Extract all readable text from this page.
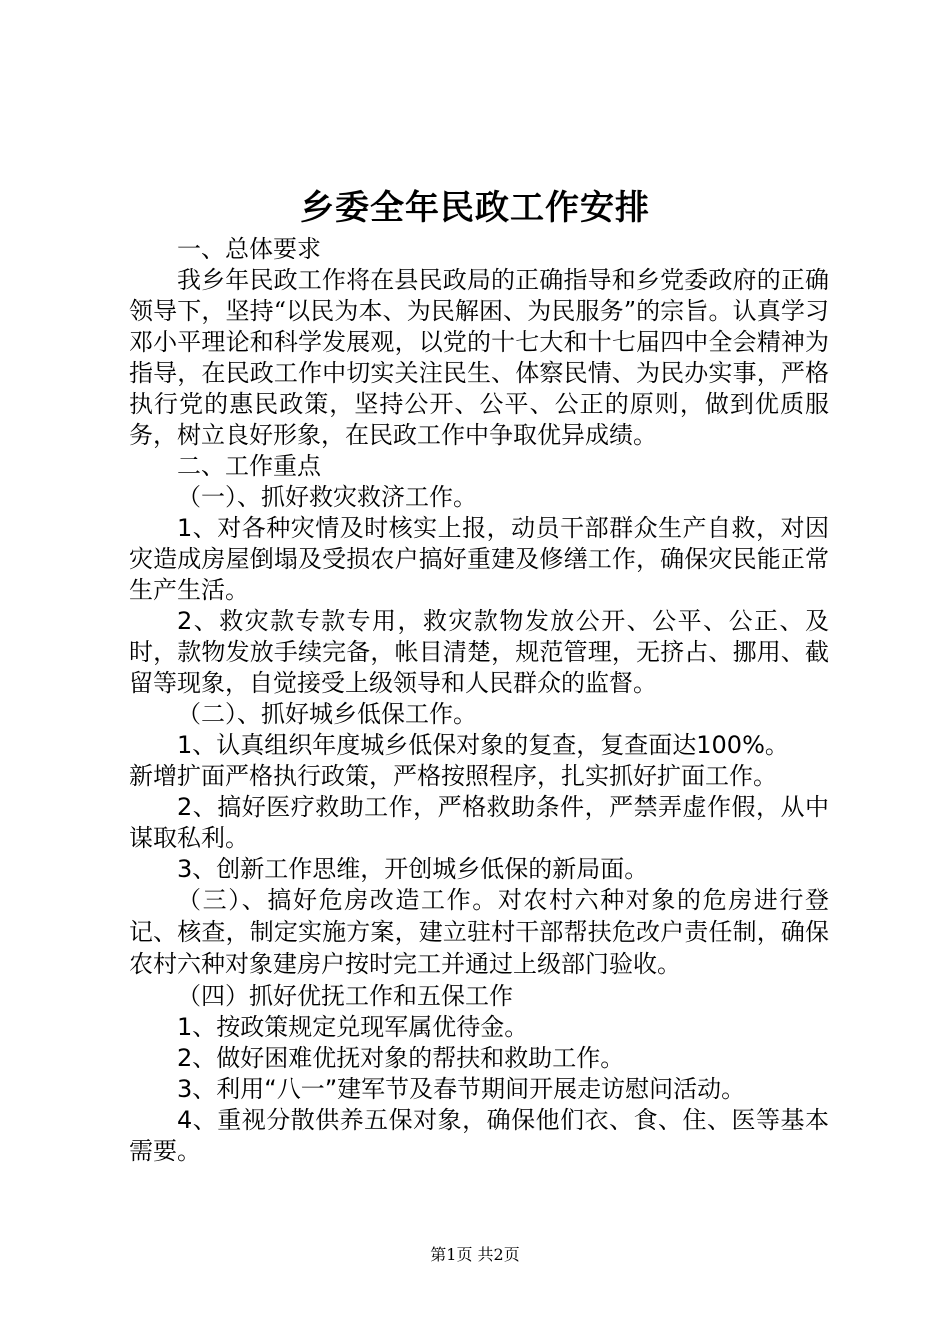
乡委全年民政工作安排

一、总体要求

我乡年民政工作将在县民政局的正确指导和乡党委政府的正确领导下，坚持“以民为本、为民解困、为民服务”的宗旨。认真学习邓小平理论和科学发展观，以党的十七大和十七届四中全会精神为指导，在民政工作中切实关注民生、体察民情、为民办实事，严格执行党的惠民政策，坚持公开、公平、公正的原则，做到优质服务，树立良好形象，在民政工作中争取优异成绩。

二、工作重点

（一）、抓好救灾救济工作。

1、对各种灾情及时核实上报，动员干部群众生产自救，对因灾造成房屋倒塌及受损农户搞好重建及修缮工作，确保灾民能正常生产生活。

2、救灾款专款专用，救灾款物发放公开、公平、公正、及时，款物发放手续完备，帐目清楚，规范管理，无挤占、挪用、截留等现象，自觉接受上级领导和人民群众的监督。

（二）、抓好城乡低保工作。

1、认真组织年度城乡低保对象的复查，复查面达100%。

新增扩面严格执行政策，严格按照程序，扎实抓好扩面工作。

2、搞好医疗救助工作，严格救助条件，严禁弄虚作假，从中谋取私利。

3、创新工作思维，开创城乡低保的新局面。

（三）、搞好危房改造工作。对农村六种对象的危房进行登记、核查，制定实施方案，建立驻村干部帮扶危改户责任制，确保农村六种对象建房户按时完工并通过上级部门验收。

（四）抓好优抚工作和五保工作

1、按政策规定兑现军属优待金。

2、做好困难优抚对象的帮扶和救助工作。

3、利用“八一”建军节及春节期间开展走访慰问活动。

4、重视分散供养五保对象，确保他们衣、食、住、医等基本需要。

第1页 共2页
